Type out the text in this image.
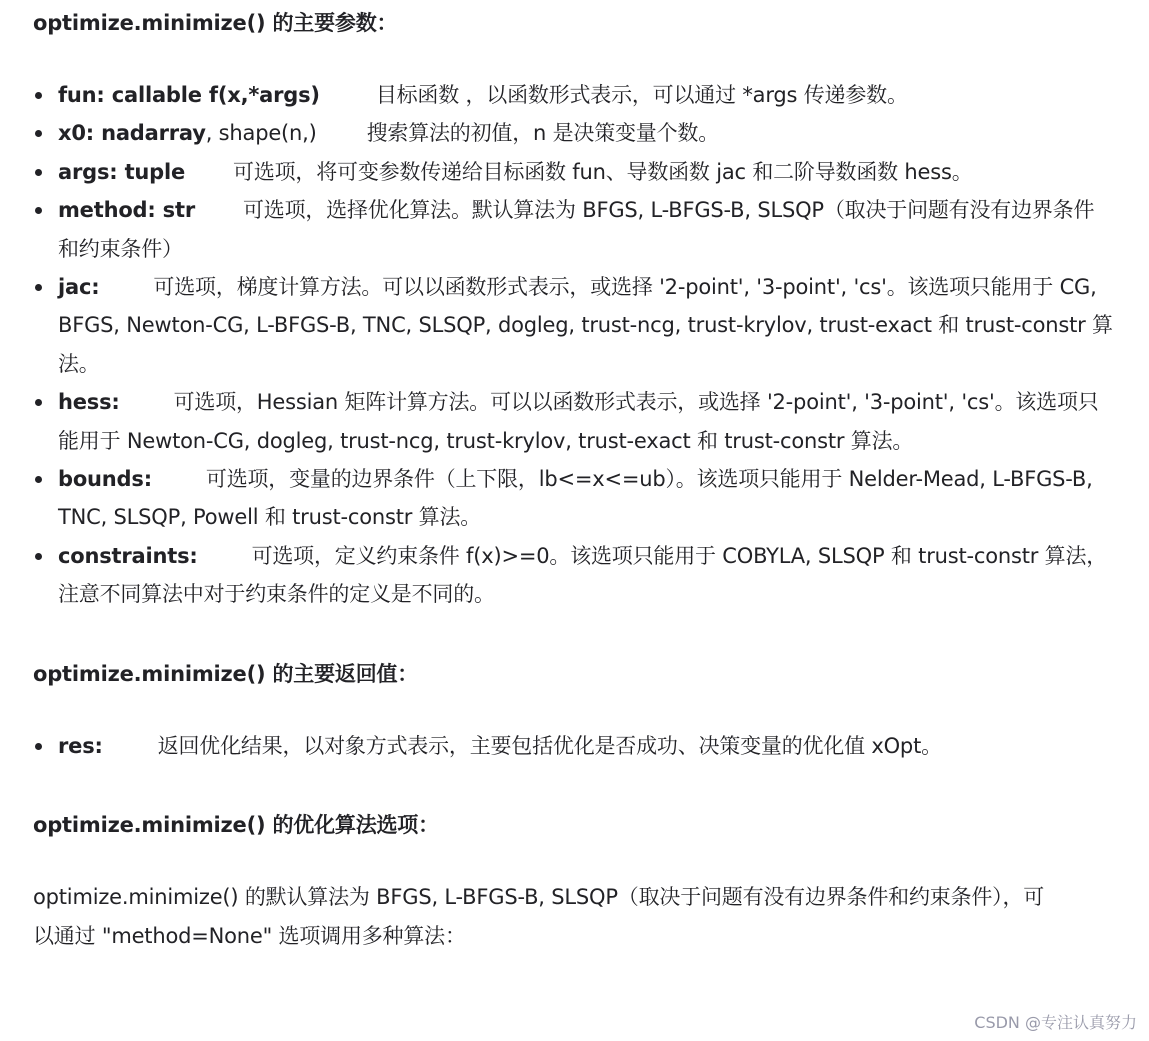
optimize.minimize() 的主要参数：
fun: callable f(x,*args)	目标函数 ，以函数形式表示，可以通过 *args 传递参数。
x0: nadarray, shape(n,) 搜索算法的初值，n 是决策变量个数。
args: tuple 可选项，将可变参数传递给目标函数 fun、导数函数 jac 和二阶导数函数 hess。
method: str 可选项，选择优化算法。默认算法为 BFGS, L-BFGS-B, SLSQP（取决于问题有没有边界条件和约束条件）
jac:	可选项，梯度计算方法。可以以函数形式表示，或选择 '2-point', '3-point', 'cs'。该选项只能用于 CG, BFGS, Newton-CG, L-BFGS-B, TNC, SLSQP, dogleg, trust-ncg, trust-krylov, trust-exact 和 trust-constr 算法。
hess:	可选项，Hessian 矩阵计算方法。可以以函数形式表示，或选择 '2-point', '3-point', 'cs'。该选项只能用于 Newton-CG, dogleg, trust-ncg, trust-krylov, trust-exact 和 trust-constr 算法。
bounds:	可选项，变量的边界条件（上下限，lb<=x<=ub）。该选项只能用于 Nelder-Mead, L-BFGS-B, TNC, SLSQP, Powell 和 trust-constr 算法。
constraints:	可选项，定义约束条件 f(x)>=0。该选项只能用于 COBYLA, SLSQP 和 trust-constr 算法，注意不同算法中对于约束条件的定义是不同的。
optimize.minimize() 的主要返回值：
res:	返回优化结果，以对象方式表示，主要包括优化是否成功、决策变量的优化值 xOpt。
optimize.minimize() 的优化算法选项：

optimize.minimize() 的默认算法为 BFGS, L-BFGS-B, SLSQP（取决于问题有没有边界条件和约束条件），可以通过 "method=None" 选项调用多种算法：

CSDN @专注认真努力
